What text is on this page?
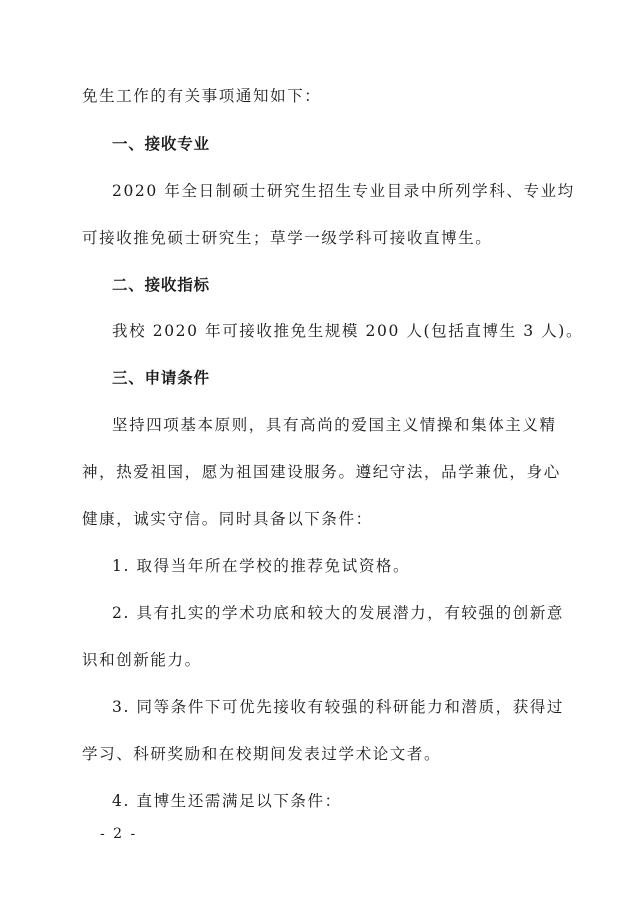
免生工作的有关事项通知如下：
一、接收专业
2020 年全日制硕士研究生招生专业目录中所列学科、专业均
可接收推免硕士研究生；草学一级学科可接收直博生。
二、接收指标
我校 2020 年可接收推免生规模 200 人(包括直博生 3 人)。
三、申请条件
坚持四项基本原则，具有高尚的爱国主义情操和集体主义精
神，热爱祖国，愿为祖国建设服务。遵纪守法，品学兼优，身心
健康，诚实守信。同时具备以下条件：
1. 取得当年所在学校的推荐免试资格。
2. 具有扎实的学术功底和较大的发展潜力，有较强的创新意
识和创新能力。
3. 同等条件下可优先接收有较强的科研能力和潜质，获得过
学习、科研奖励和在校期间发表过学术论文者。
4. 直博生还需满足以下条件：
- 2 -
